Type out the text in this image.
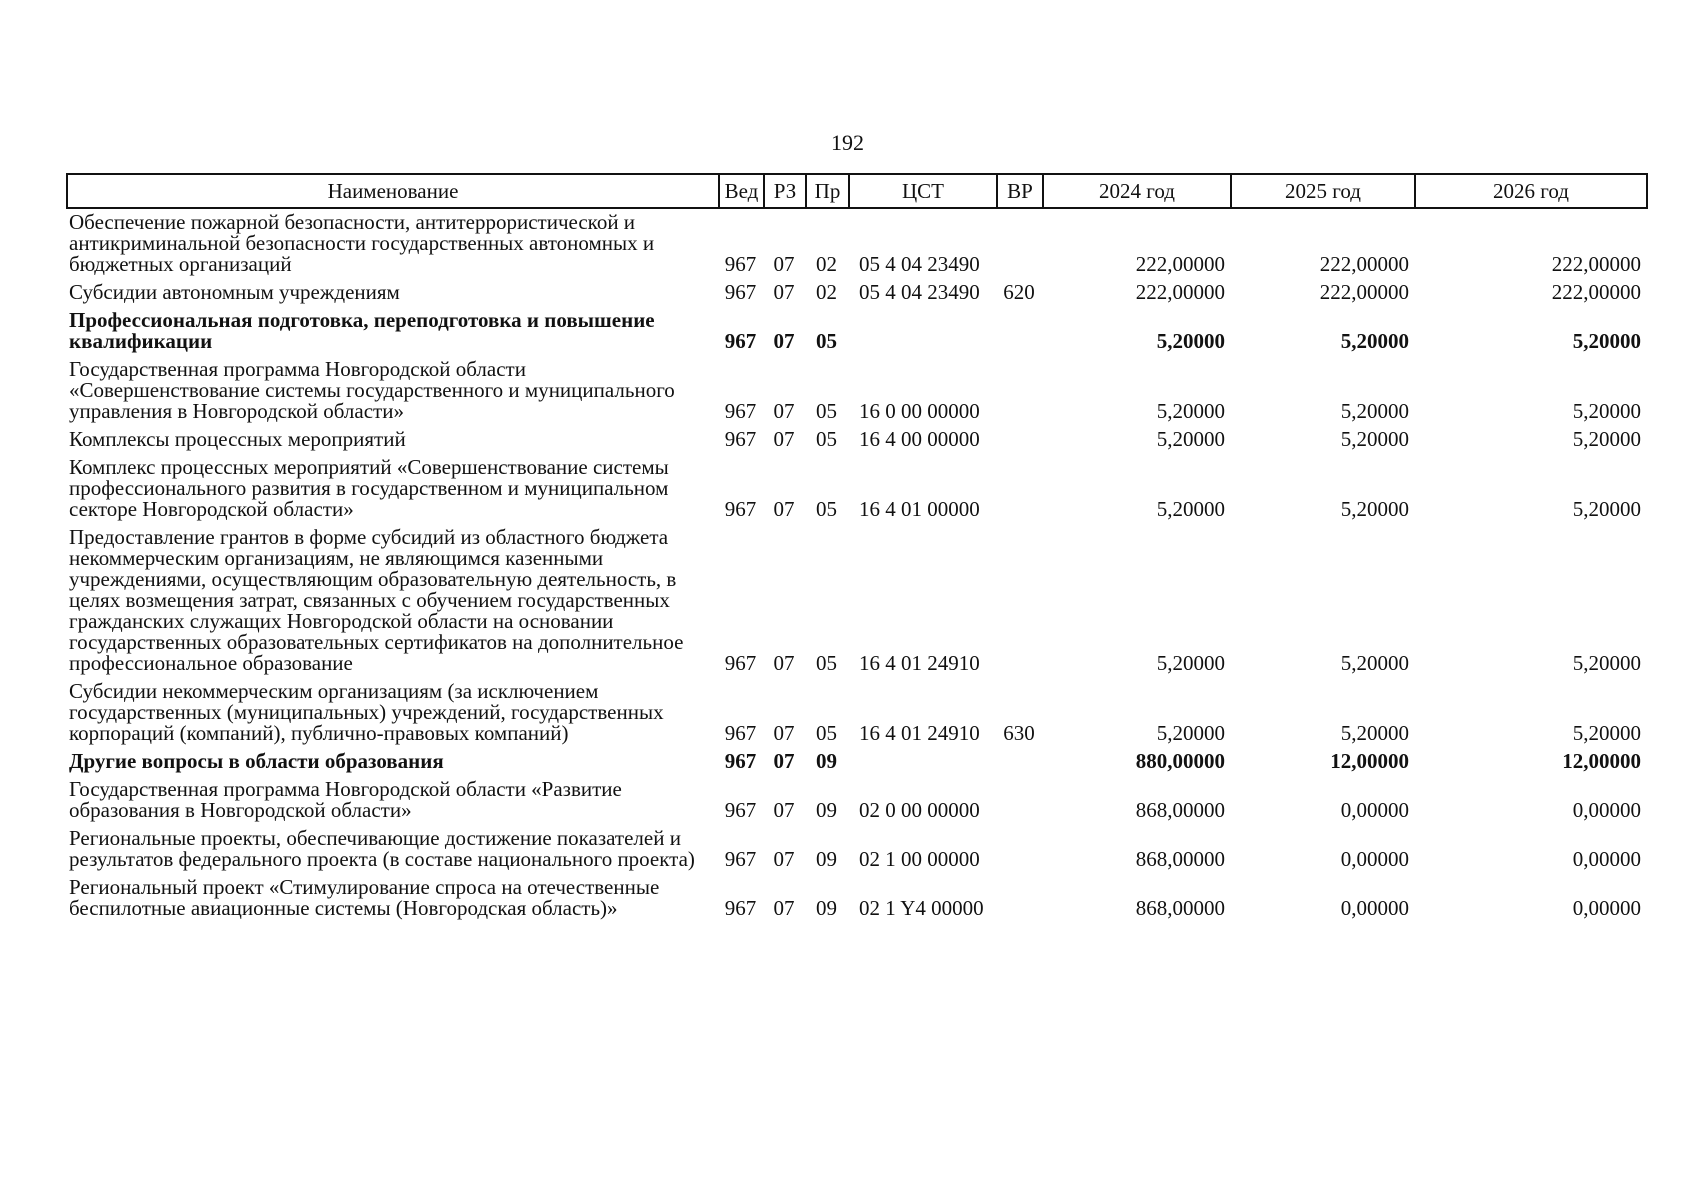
192
Наименование	Вед	РЗ	Пр	ЦСТ	ВР	2024 год	2025 год	2026 год
Обеспечение пожарной безопасности, антитеррористической и антикриминальной безопасности государственных автономных и бюджетных организаций	967	07	02	05 4 04 23490		222,00000	222,00000	222,00000
Субсидии автономным учреждениям	967	07	02	05 4 04 23490	620	222,00000	222,00000	222,00000
Профессиональная подготовка, переподготовка и повышение квалификации	967	07	05			5,20000	5,20000	5,20000
Государственная программа Новгородской области «Совершенствование системы государственного и муниципального управления в Новгородской области»	967	07	05	16 0 00 00000		5,20000	5,20000	5,20000
Комплексы процессных мероприятий	967	07	05	16 4 00 00000		5,20000	5,20000	5,20000
Комплекс процессных мероприятий «Совершенствование системы профессионального развития в государственном и муниципальном секторе Новгородской области»	967	07	05	16 4 01 00000		5,20000	5,20000	5,20000
Предоставление грантов в форме субсидий из областного бюджета некоммерческим организациям, не являющимся казенными учреждениями, осуществляющим образовательную деятельность, в целях возмещения затрат, связанных с обучением государственных гражданских служащих Новгородской области на основании государственных образовательных сертификатов на дополнительное профессиональное образование	967	07	05	16 4 01 24910		5,20000	5,20000	5,20000
Субсидии некоммерческим организациям (за исключением государственных (муниципальных) учреждений, государственных корпораций (компаний), публично-правовых компаний)	967	07	05	16 4 01 24910	630	5,20000	5,20000	5,20000
Другие вопросы в области образования	967	07	09			880,00000	12,00000	12,00000
Государственная программа Новгородской области «Развитие образования в Новгородской области»	967	07	09	02 0 00 00000		868,00000	0,00000	0,00000
Региональные проекты, обеспечивающие достижение показателей и результатов федерального проекта (в составе национального проекта)	967	07	09	02 1 00 00000		868,00000	0,00000	0,00000
Региональный проект «Стимулирование спроса на отечественные беспилотные авиационные системы (Новгородская область)»	967	07	09	02 1 Y4 00000		868,00000	0,00000	0,00000
